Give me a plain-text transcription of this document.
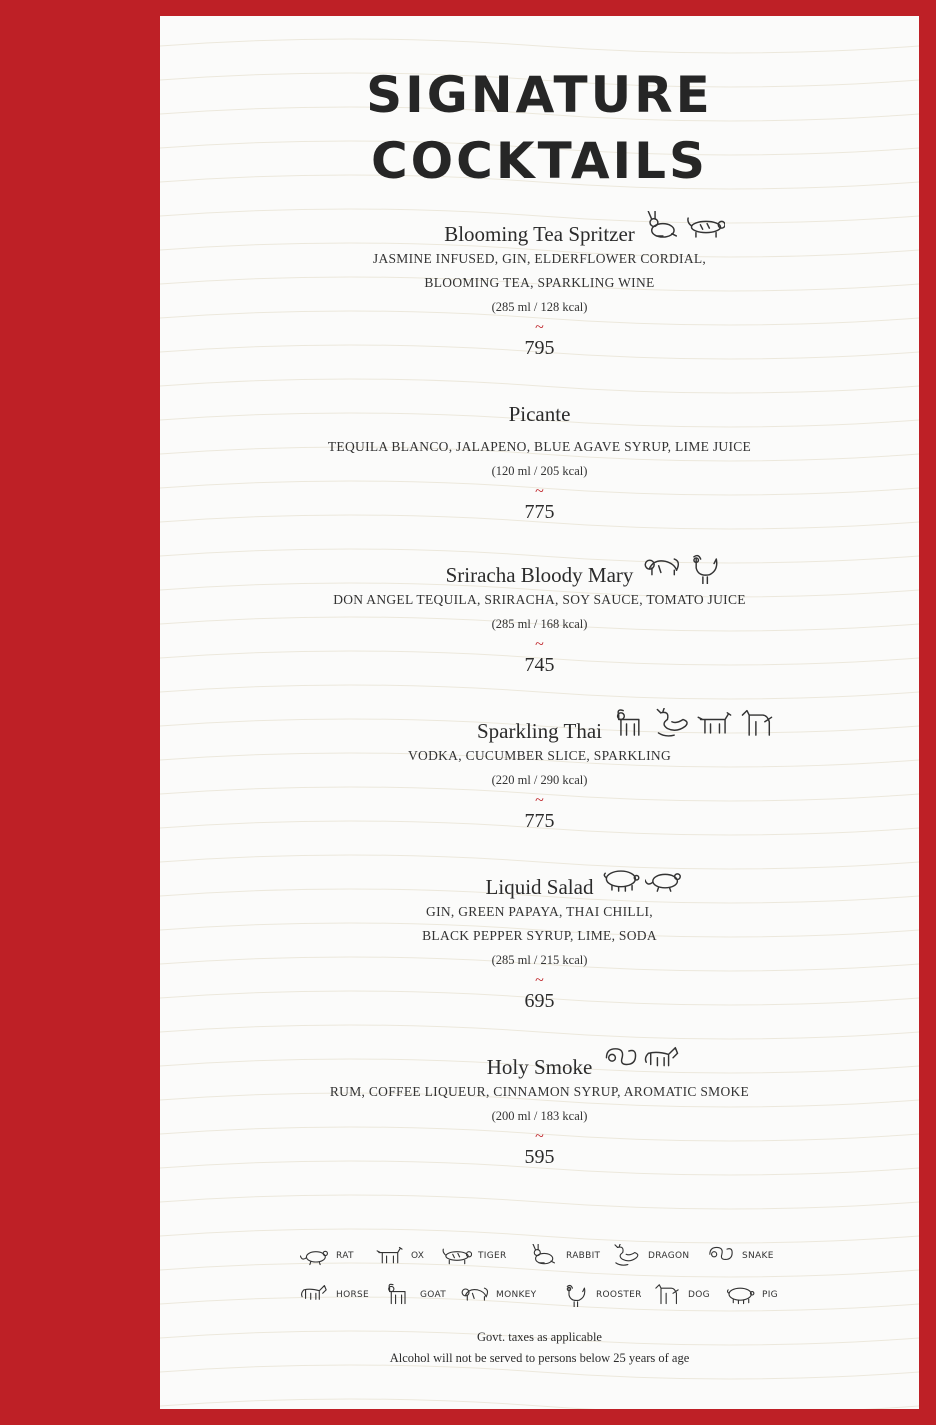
SIGNATURE
COCKTAILS
Blooming Tea Spritzer
JASMINE INFUSED, GIN, ELDERFLOWER CORDIAL,
BLOOMING TEA, SPARKLING WINE
(285 ml / 128 kcal)
~
795
Picante
TEQUILA BLANCO, JALAPENO, BLUE AGAVE SYRUP, LIME JUICE
(120 ml / 205 kcal)
~
775
Sriracha Bloody Mary
DON ANGEL TEQUILA, SRIRACHA, SOY SAUCE, TOMATO JUICE
(285 ml / 168 kcal)
~
745
Sparkling Thai
VODKA, CUCUMBER SLICE, SPARKLING
(220 ml / 290 kcal)
~
775
Liquid Salad
GIN, GREEN PAPAYA, THAI CHILLI,
BLACK PEPPER SYRUP, LIME, SODA
(285 ml / 215 kcal)
~
695
Holy Smoke
RUM, COFFEE LIQUEUR, CINNAMON SYRUP, AROMATIC SMOKE
(200 ml / 183 kcal)
~
595
RAT	OX	TIGER	RABBIT	DRAGON	SNAKE
HORSE	GOAT	MONKEY	ROOSTER	DOG	PIG
Govt. taxes as applicable
Alcohol will not be served to persons below 25 years of age
